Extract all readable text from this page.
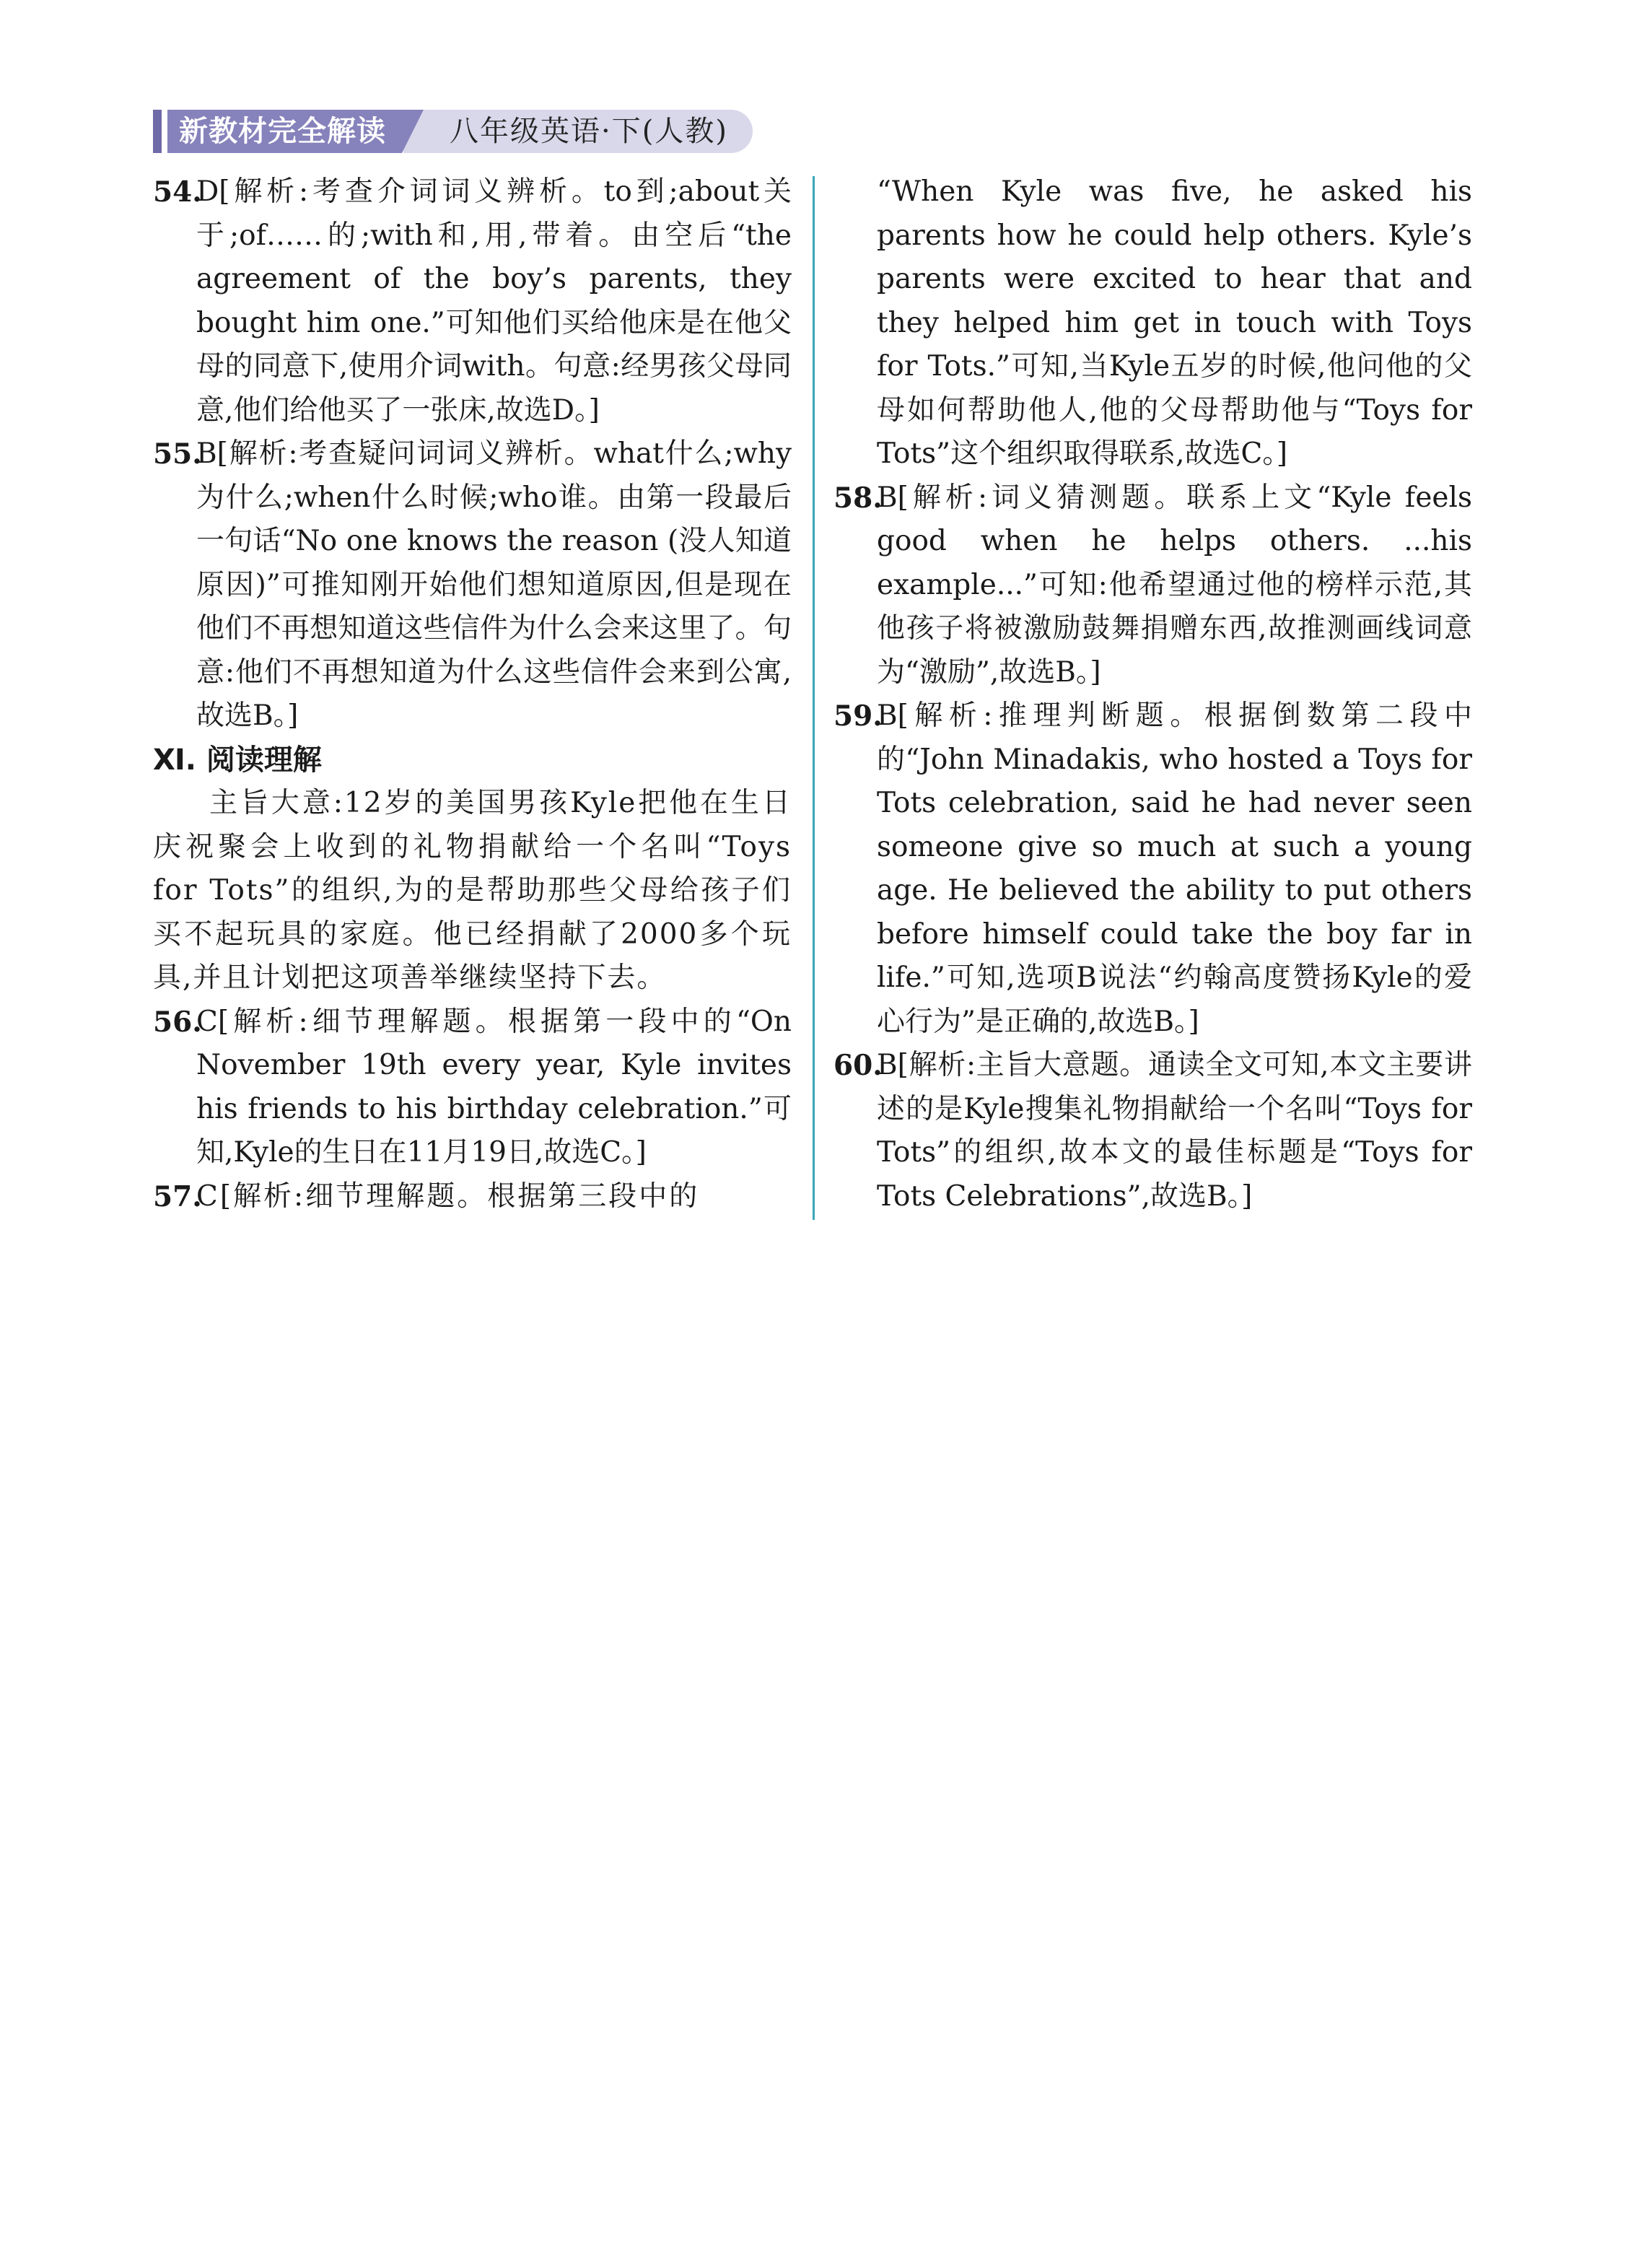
新教材完全解读	八年级英语·下(人教)
54.
D[解析:考查介词词义辨析。to到;about关于;of……的;with和,用,带着。由空后“the agreement of the boy’s parents, they bought him one.”可知他们买给他床是在他父母的同意下,使用介词with。句意:经男孩父母同意,他们给他买了一张床,故选D。]
55.
B[解析:考查疑问词词义辨析。what什么;why为什么;when什么时候;who谁。由第一段最后一句话“No one knows the reason (没人知道原因)”可推知刚开始他们想知道原因,但是现在他们不再想知道这些信件为什么会来这里了。句意:他们不再想知道为什么这些信件会来到公寓,故选B。]
Ⅺ. 阅读理解
主旨大意:12岁的美国男孩Kyle把他在生日庆祝聚会上收到的礼物捐献给一个名叫“Toys for Tots”的组织,为的是帮助那些父母给孩子们买不起玩具的家庭。他已经捐献了2000多个玩具,并且计划把这项善举继续坚持下去。
56.
C[解析:细节理解题。根据第一段中的“On November 19th every year, Kyle invites his friends to his birthday celebration.”可知,Kyle的生日在11月19日,故选C。]
57.
C[解析:细节理解题。根据第三段中的
“When Kyle was five, he asked his parents how he could help others. Kyle’s parents were excited to hear that and they helped him get in touch with Toys for Tots.”可知,当Kyle五岁的时候,他问他的父母如何帮助他人,他的父母帮助他与“Toys for Tots”这个组织取得联系,故选C。]
58.
B[解析:词义猜测题。联系上文“Kyle feels good when he helps others. ...his example...”可知:他希望通过他的榜样示范,其他孩子将被激励鼓舞捐赠东西,故推测画线词意为“激励”,故选B。]
59.
B[解析:推理判断题。根据倒数第二段中的“John Minadakis, who hosted a Toys for Tots celebration, said he had never seen someone give so much at such a young age. He believed the ability to put others before himself could take the boy far in life.”可知,选项B说法“约翰高度赞扬Kyle的爱心行为”是正确的,故选B。]
60.
B[解析:主旨大意题。通读全文可知,本文主要讲述的是Kyle搜集礼物捐献给一个名叫“Toys for Tots”的组织,故本文的最佳标题是“Toys for Tots Celebrations”,故选B。]
